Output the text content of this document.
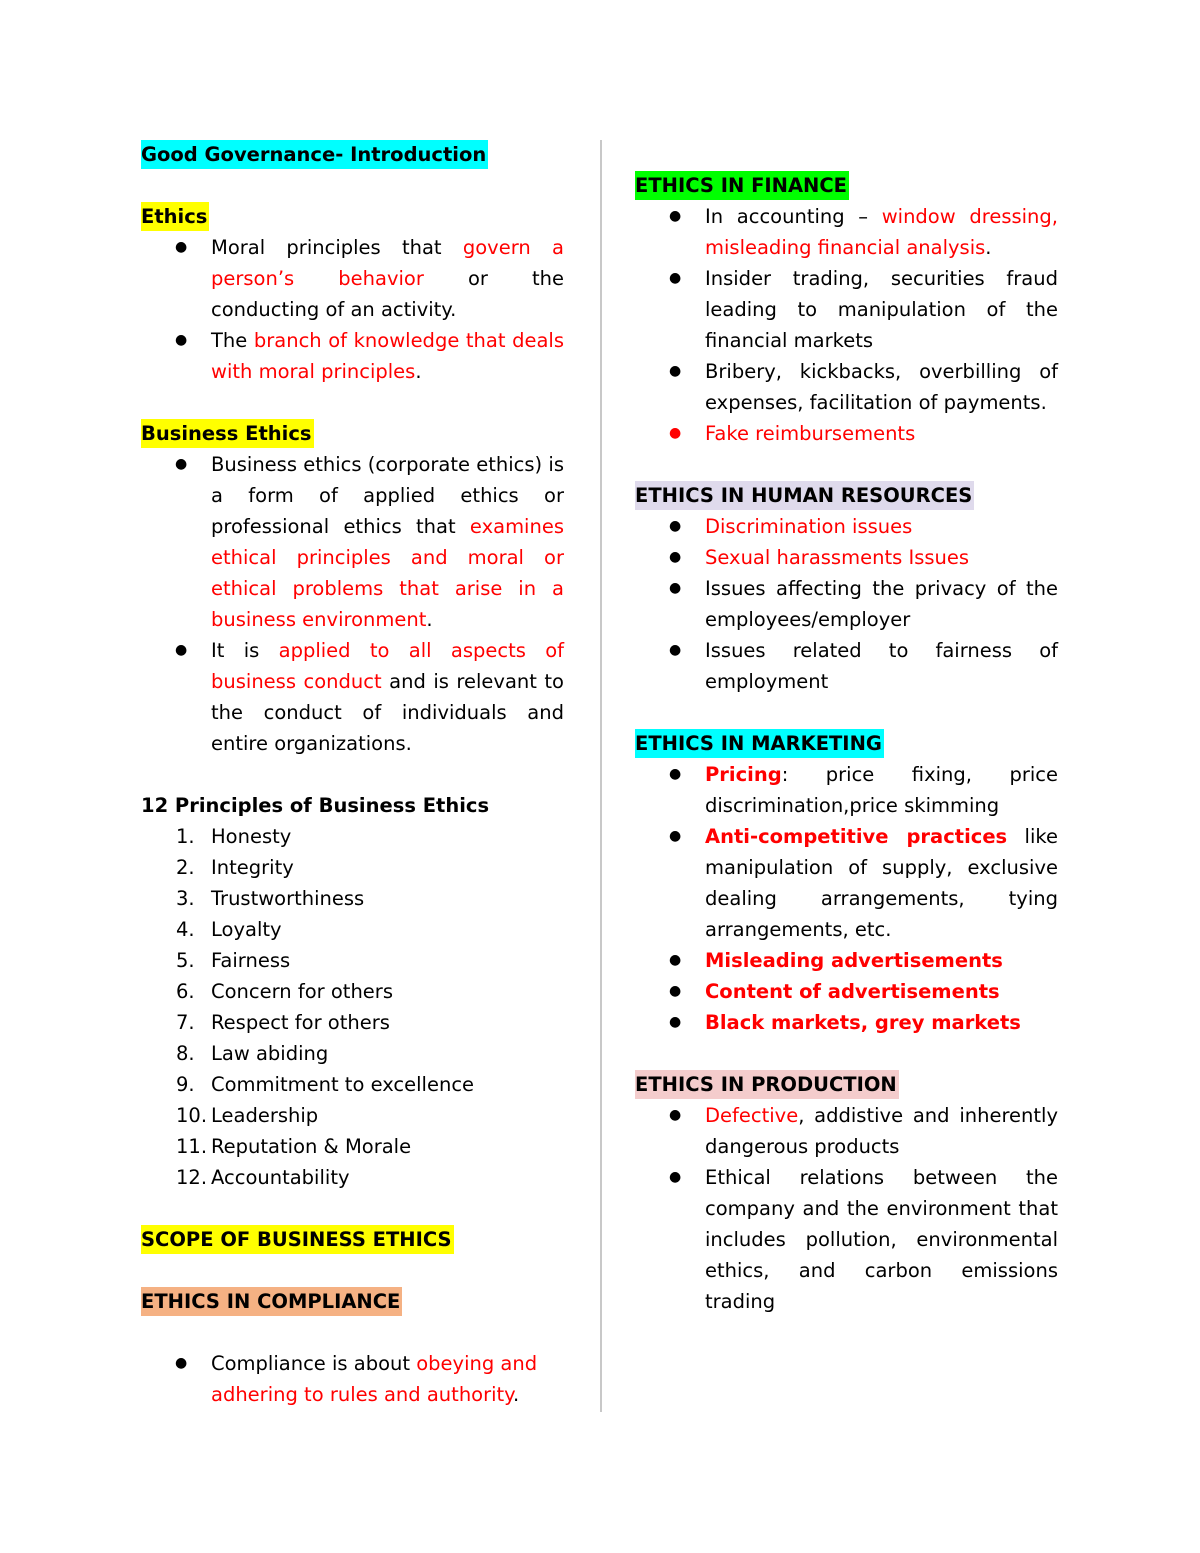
Good Governance- Introduction
Ethics
● Moral principles that govern a person’s behavior or the conducting of an activity.
● The branch of knowledge that deals with moral principles.
Business Ethics
● Business ethics (corporate ethics) is a form of applied ethics or professional ethics that examines ethical principles and moral or ethical problems that arise in a business environment.
● It is applied to all aspects of business conduct and is relevant to the conduct of individuals and entire organizations.
12 Principles of Business Ethics
1. Honesty
2. Integrity
3. Trustworthiness
4. Loyalty
5. Fairness
6. Concern for others
7. Respect for others
8. Law abiding
9. Commitment to excellence
10. Leadership
11. Reputation & Morale
12. Accountability
SCOPE OF BUSINESS ETHICS
ETHICS IN COMPLIANCE
● Compliance is about obeying and adhering to rules and authority.
ETHICS IN FINANCE
● In accounting – window dressing, misleading financial analysis.
● Insider trading, securities fraud leading to manipulation of the financial markets
● Bribery, kickbacks, overbilling of expenses, facilitation of payments.
● Fake reimbursements
ETHICS IN HUMAN RESOURCES
● Discrimination issues
● Sexual harassments Issues
● Issues affecting the privacy of the employees/employer
● Issues related to fairness of employment
ETHICS IN MARKETING
● Pricing: price fixing, price discrimination,price skimming
● Anti-competitive practices like manipulation of supply, exclusive dealing arrangements, tying arrangements, etc.
● Misleading advertisements
● Content of advertisements
● Black markets, grey markets
ETHICS IN PRODUCTION
● Defective, addistive and inherently dangerous products
● Ethical relations between the company and the environment that includes pollution, environmental ethics, and carbon emissions trading
